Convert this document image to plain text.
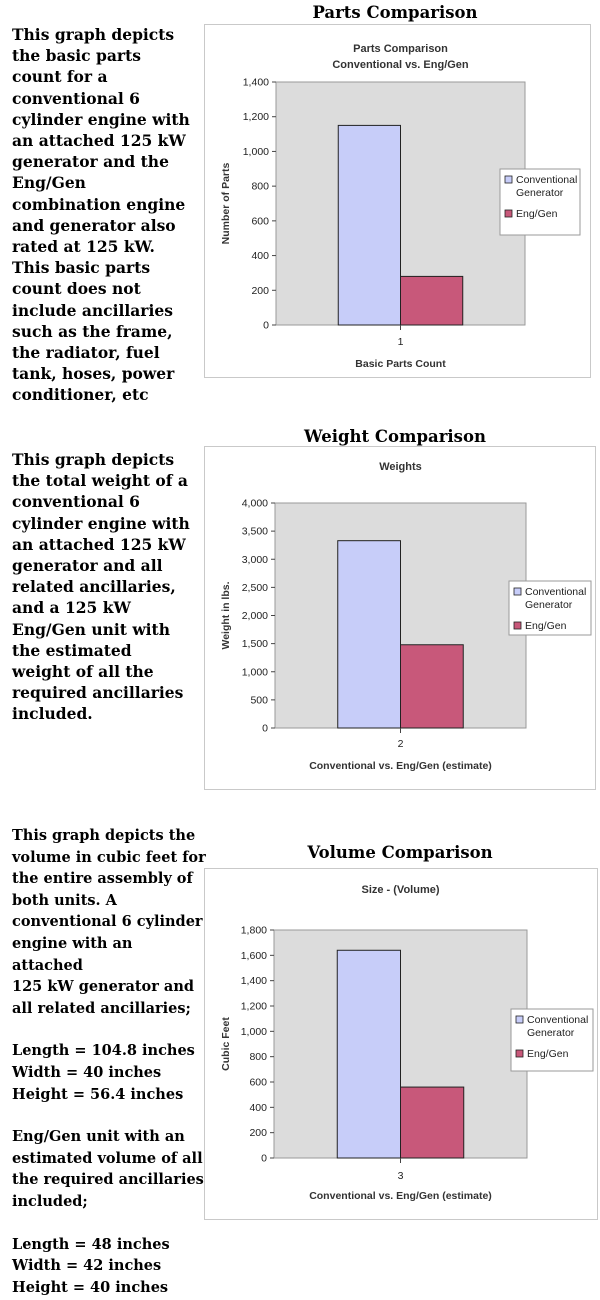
Parts Comparison

This graph depicts
the basic parts
count for a
conventional 6
cylinder engine with
an attached 125 kW
generator and the
Eng/Gen
combination engine
and generator also
rated at 125 kW.

This basic parts
count does not
include ancillaries
such as the frame,
the radiator, fuel
tank, hoses, power
conditioner, etc

Parts Comparison
Conventional vs. Eng/Gen
0
200
400
600
800
1,000
1,200
1,400
Number of Parts
1
Basic Parts Count
Conventional Generator
Eng/Gen
Weight Comparison

This graph depicts
the total weight of a
conventional 6
cylinder engine with
an attached 125 kW
generator and all
related ancillaries,
and a 125 kW
Eng/Gen unit with
the estimated
weight of all the
required ancillaries
included.

Weights
0
500
1,000
1,500
2,000
2,500
3,000
3,500
4,000
Weight in lbs.
2
Conventional vs. Eng/Gen (estimate)
Conventional Generator
Eng/Gen
Volume Comparison

This graph depicts the
volume in cubic feet for
the entire assembly of
both units. A
conventional 6 cylinder
engine with an attached
125 kW generator and
all related ancillaries;

Length = 104.8 inches
Width = 40 inches
Height = 56.4 inches

Eng/Gen unit with an
estimated volume of all
the required ancillaries
included;

Length = 48 inches
Width = 42 inches
Height = 40 inches

Size - (Volume)
0
200
400
600
800
1,000
1,200
1,400
1,600
1,800
Cubic Feet
3
Conventional vs. Eng/Gen (estimate)
Conventional Generator
Eng/Gen
